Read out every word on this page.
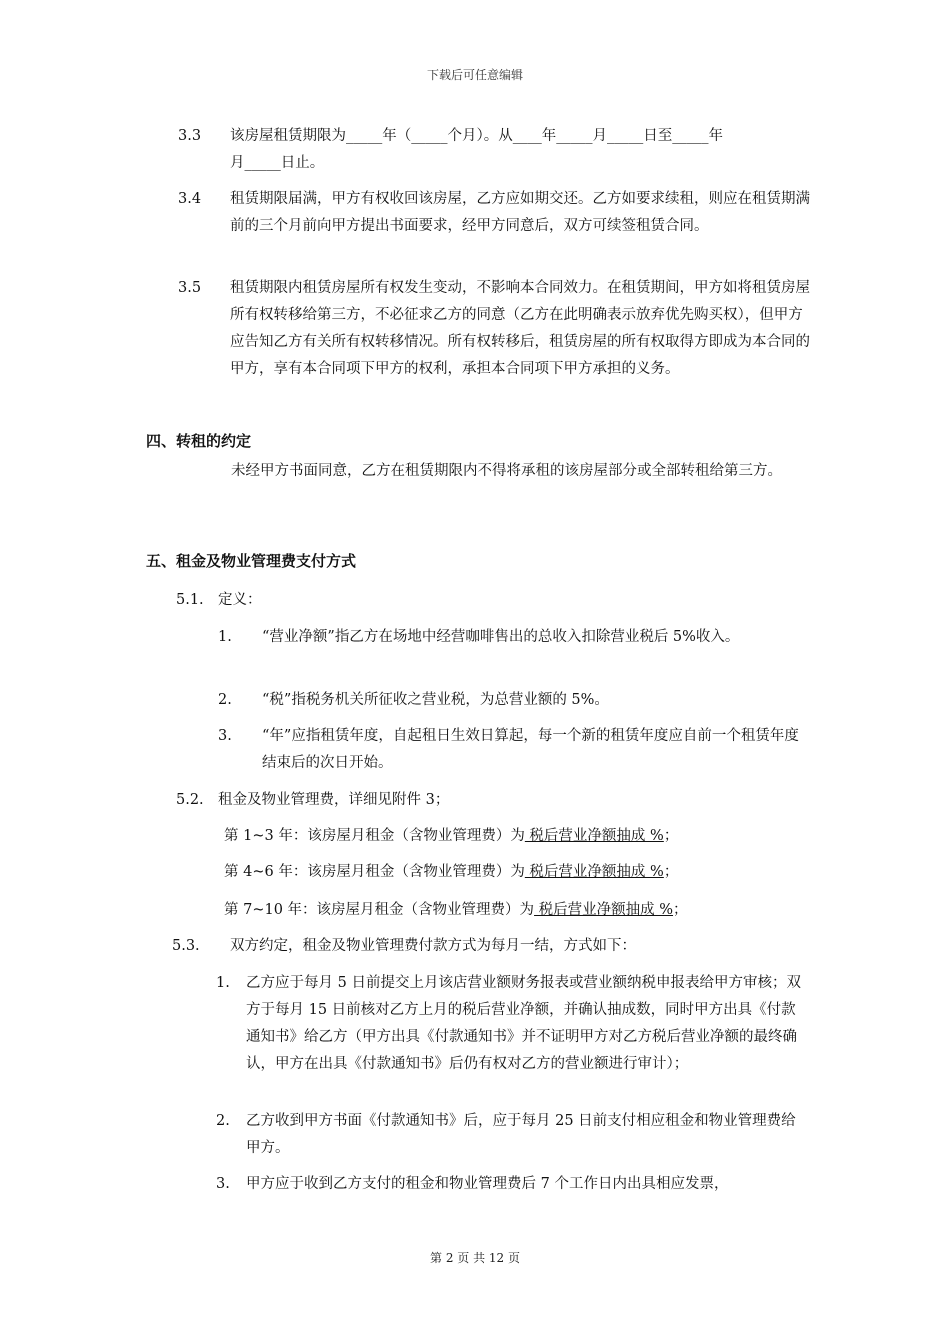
下载后可任意编辑
3.3 该房屋租赁期限为_____年（_____个月）。从____年_____月_____日至_____年
月_____日止。
3.4 租赁期限届满，甲方有权收回该房屋，乙方应如期交还。乙方如要求续租，则应在租赁期满前的三个月前向甲方提出书面要求，经甲方同意后，双方可续签租赁合同。
3.5 租赁期限内租赁房屋所有权发生变动，不影响本合同效力。在租赁期间，甲方如将租赁房屋所有权转移给第三方，不必征求乙方的同意（乙方在此明确表示放弃优先购买权），但甲方应告知乙方有关所有权转移情况。所有权转移后，租赁房屋的所有权取得方即成为本合同的甲方，享有本合同项下甲方的权利，承担本合同项下甲方承担的义务。
四、转租的约定
未经甲方书面同意，乙方在租赁期限内不得将承租的该房屋部分或全部转租给第三方。
五、租金及物业管理费支付方式
5.1. 定义：
1. “营业净额”指乙方在场地中经营咖啡售出的总收入扣除营业税后 5%收入。
2. “税”指税务机关所征收之营业税，为总营业额的 5%。
3. “年”应指租赁年度，自起租日生效日算起，每一个新的租赁年度应自前一个租赁年度结束后的次日开始。
5.2. 租金及物业管理费，详细见附件 3；
第 1~3 年：该房屋月租金（含物业管理费）为 税后营业净额抽成 %；
第 4~6 年：该房屋月租金（含物业管理费）为 税后营业净额抽成 %；
第 7~10 年：该房屋月租金（含物业管理费）为 税后营业净额抽成 %；
5.3. 双方约定，租金及物业管理费付款方式为每月一结，方式如下：
1. 乙方应于每月 5 日前提交上月该店营业额财务报表或营业额纳税申报表给甲方审核；双方于每月 15 日前核对乙方上月的税后营业净额，并确认抽成数，同时甲方出具《付款通知书》给乙方（甲方出具《付款通知书》并不证明甲方对乙方税后营业净额的最终确认，甲方在出具《付款通知书》后仍有权对乙方的营业额进行审计）；
2. 乙方收到甲方书面《付款通知书》后，应于每月 25 日前支付相应租金和物业管理费给甲方。
3. 甲方应于收到乙方支付的租金和物业管理费后 7 个工作日内出具相应发票，
第 2 页 共 12 页
